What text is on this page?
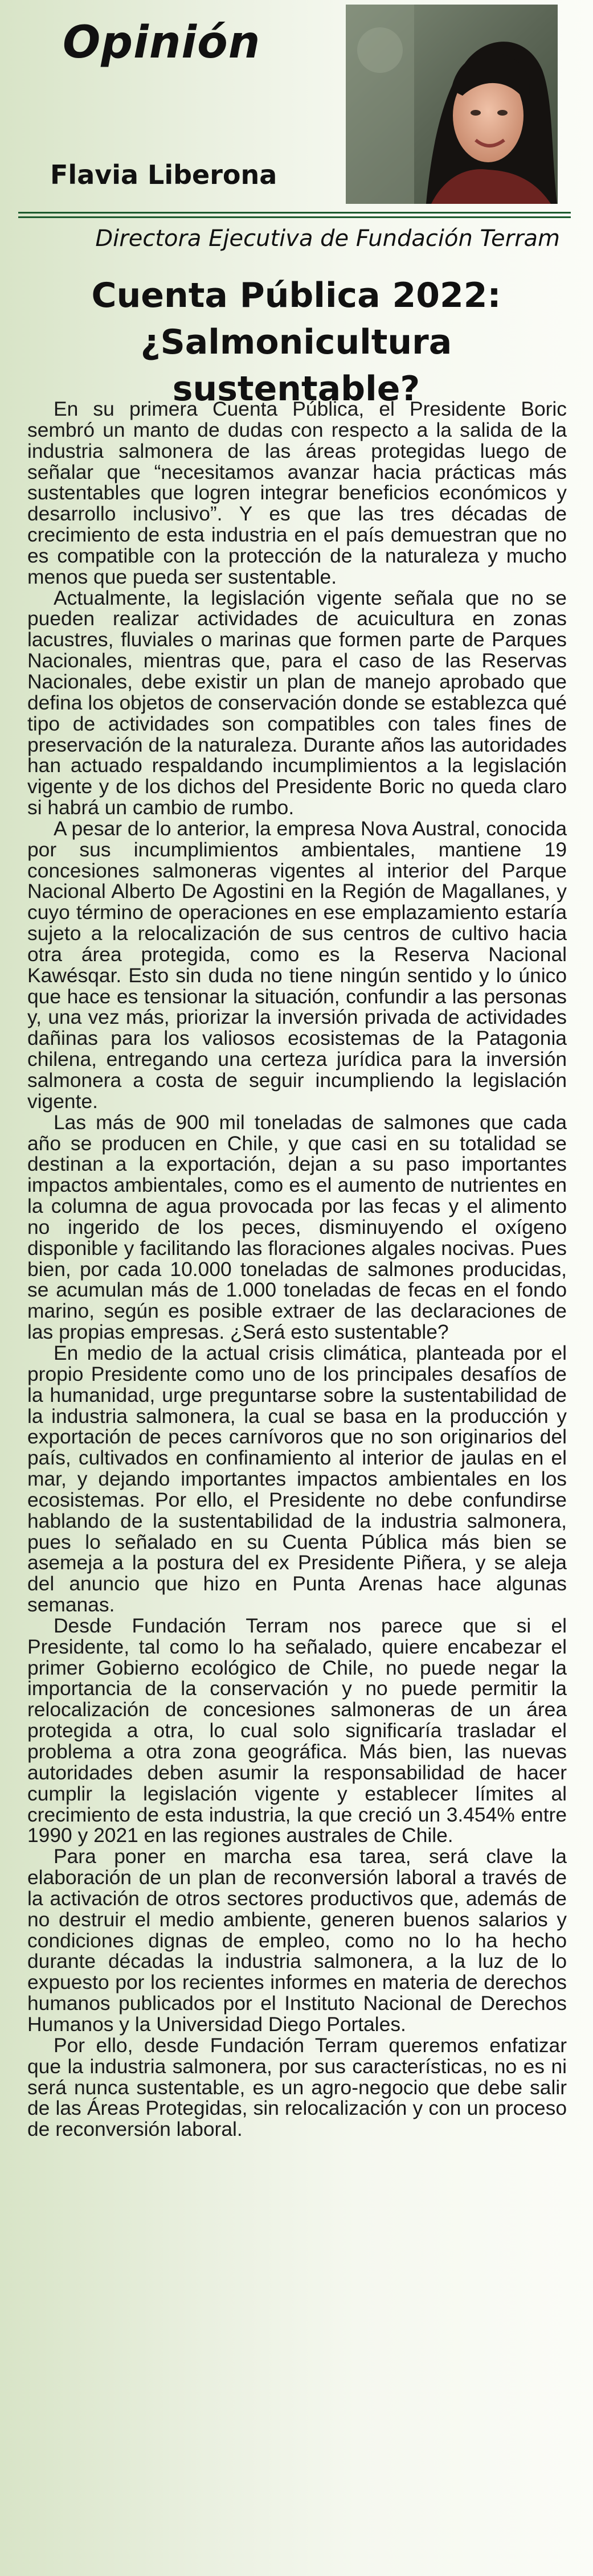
Opinión
Flavia Liberona
Directora Ejecutiva de Fundación Terram
Cuenta Pública 2022:
¿Salmonicultura sustentable?

En su primera Cuenta Pública, el Presidente Boric sembró un manto de dudas con respecto a la salida de la industria salmonera de las áreas protegidas luego de señalar que “necesitamos avanzar hacia prácticas más sustentables que logren integrar beneficios económicos y desarrollo inclusivo”. Y es que las tres décadas de crecimiento de esta industria en el país demuestran que no es compatible con la protección de la naturaleza y mucho menos que pueda ser sustentable.

Actualmente, la legislación vigente señala que no se pueden realizar actividades de acuicultura en zonas lacustres, fluviales o marinas que formen parte de Parques Nacionales, mientras que, para el caso de las Reservas Nacionales, debe existir un plan de manejo aprobado que defina los objetos de conservación donde se establezca qué tipo de actividades son compatibles con tales fines de preservación de la naturaleza. Durante años las autoridades han actuado respaldando incumplimientos a la legislación vigente y de los dichos del Presidente Boric no queda claro si habrá un cambio de rumbo.

A pesar de lo anterior, la empresa Nova Austral, conocida por sus incumplimientos ambientales, mantiene 19 concesiones salmoneras vigentes al interior del Parque Nacional Alberto De Agostini en la Región de Magallanes, y cuyo término de operaciones en ese emplazamiento estaría sujeto a la relocalización de sus centros de cultivo hacia otra área protegida, como es la Reserva Nacional Kawésqar. Esto sin duda no tiene ningún sentido y lo único que hace es tensionar la situación, confundir a las personas y, una vez más, priorizar la inversión privada de actividades dañinas para los valiosos ecosistemas de la Patagonia chilena, entregando una certeza jurídica para la inversión salmonera a costa de seguir incumpliendo la legislación vigente.

Las más de 900 mil toneladas de salmones que cada año se producen en Chile, y que casi en su totalidad se destinan a la exportación, dejan a su paso importantes impactos ambientales, como es el aumento de nutrientes en la columna de agua provocada por las fecas y el alimento no ingerido de los peces, disminuyendo el oxígeno disponible y facilitando las floraciones algales nocivas. Pues bien, por cada 10.000 toneladas de salmones producidas, se acumulan más de 1.000 toneladas de fecas en el fondo marino, según es posible extraer de las declaraciones de las propias empresas. ¿Será esto sustentable?

En medio de la actual crisis climática, planteada por el propio Presidente como uno de los principales desafíos de la humanidad, urge preguntarse sobre la sustentabilidad de la industria salmonera, la cual se basa en la producción y exportación de peces carnívoros que no son originarios del país, cultivados en confinamiento al interior de jaulas en el mar, y dejando importantes impactos ambientales en los ecosistemas. Por ello, el Presidente no debe confundirse hablando de la sustentabilidad de la industria salmonera, pues lo señalado en su Cuenta Pública más bien se asemeja a la postura del ex Presidente Piñera, y se aleja del anuncio que hizo en Punta Arenas hace algunas semanas.

Desde Fundación Terram nos parece que si el Presidente, tal como lo ha señalado, quiere encabezar el primer Gobierno ecológico de Chile, no puede negar la importancia de la conservación y no puede permitir la relocalización de concesiones salmoneras de un área protegida a otra, lo cual solo significaría trasladar el problema a otra zona geográfica. Más bien, las nuevas autoridades deben asumir la responsabilidad de hacer cumplir la legislación vigente y establecer límites al crecimiento de esta industria, la que creció un 3.454% entre 1990 y 2021 en las regiones australes de Chile.

Para poner en marcha esa tarea, será clave la elaboración de un plan de reconversión laboral a través de la activación de otros sectores productivos que, además de no destruir el medio ambiente, generen buenos salarios y condiciones dignas de empleo, como no lo ha hecho durante décadas la industria salmonera, a la luz de lo expuesto por los recientes informes en materia de derechos humanos publicados por el Instituto Nacional de Derechos Humanos y la Universidad Diego Portales.

Por ello, desde Fundación Terram queremos enfatizar que la industria salmonera, por sus características, no es ni será nunca sustentable, es un agro-negocio que debe salir de las Áreas Protegidas, sin relocalización y con un proceso de reconversión laboral.
